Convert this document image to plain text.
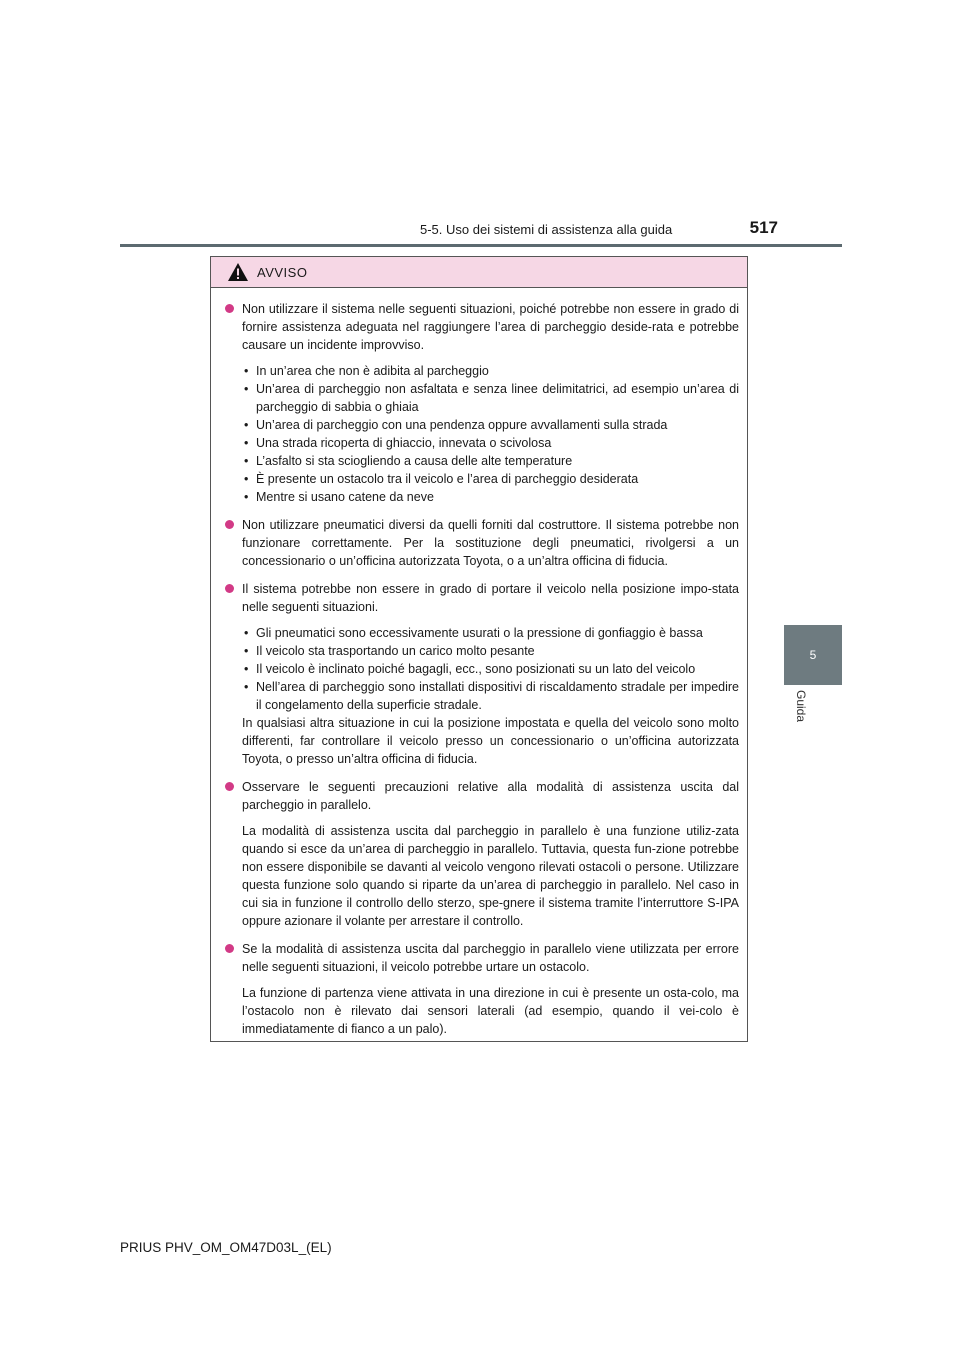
5-5. Uso dei sistemi di assistenza alla guida	517
5
Guida
AVVISO

Non utilizzare il sistema nelle seguenti situazioni, poiché potrebbe non essere in grado di fornire assistenza adeguata nel raggiungere l’area di parcheggio deside-rata e potrebbe causare un incidente improvviso.

• In un’area che non è adibita al parcheggio
• Un’area di parcheggio non asfaltata e senza linee delimitatrici, ad esempio un’area di parcheggio di sabbia o ghiaia
• Un’area di parcheggio con una pendenza oppure avvallamenti sulla strada
• Una strada ricoperta di ghiaccio, innevata o scivolosa
• L’asfalto si sta sciogliendo a causa delle alte temperature
• È presente un ostacolo tra il veicolo e l’area di parcheggio desiderata
• Mentre si usano catene da neve

Non utilizzare pneumatici diversi da quelli forniti dal costruttore. Il sistema potrebbe non funzionare correttamente. Per la sostituzione degli pneumatici, rivolgersi a un concessionario o un’officina autorizzata Toyota, o a un’altra officina di fiducia.

Il sistema potrebbe non essere in grado di portare il veicolo nella posizione impo-stata nelle seguenti situazioni.

• Gli pneumatici sono eccessivamente usurati o la pressione di gonfiaggio è bassa
• Il veicolo sta trasportando un carico molto pesante
• Il veicolo è inclinato poiché bagagli, ecc., sono posizionati su un lato del veicolo
• Nell’area di parcheggio sono installati dispositivi di riscaldamento stradale per impedire il congelamento della superficie stradale.

In qualsiasi altra situazione in cui la posizione impostata e quella del veicolo sono molto differenti, far controllare il veicolo presso un concessionario o un’officina autorizzata Toyota, o presso un’altra officina di fiducia.

Osservare le seguenti precauzioni relative alla modalità di assistenza uscita dal parcheggio in parallelo.

La modalità di assistenza uscita dal parcheggio in parallelo è una funzione utiliz-zata quando si esce da un’area di parcheggio in parallelo. Tuttavia, questa fun-zione potrebbe non essere disponibile se davanti al veicolo vengono rilevati ostacoli o persone. Utilizzare questa funzione solo quando si riparte da un’area di parcheggio in parallelo. Nel caso in cui sia in funzione il controllo dello sterzo, spe-gnere il sistema tramite l’interruttore S-IPA oppure azionare il volante per arrestare il controllo.

Se la modalità di assistenza uscita dal parcheggio in parallelo viene utilizzata per errore nelle seguenti situazioni, il veicolo potrebbe urtare un ostacolo.

La funzione di partenza viene attivata in una direzione in cui è presente un osta-colo, ma l’ostacolo non è rilevato dai sensori laterali (ad esempio, quando il vei-colo è immediatamente di fianco a un palo).

PRIUS PHV_OM_OM47D03L_(EL)
